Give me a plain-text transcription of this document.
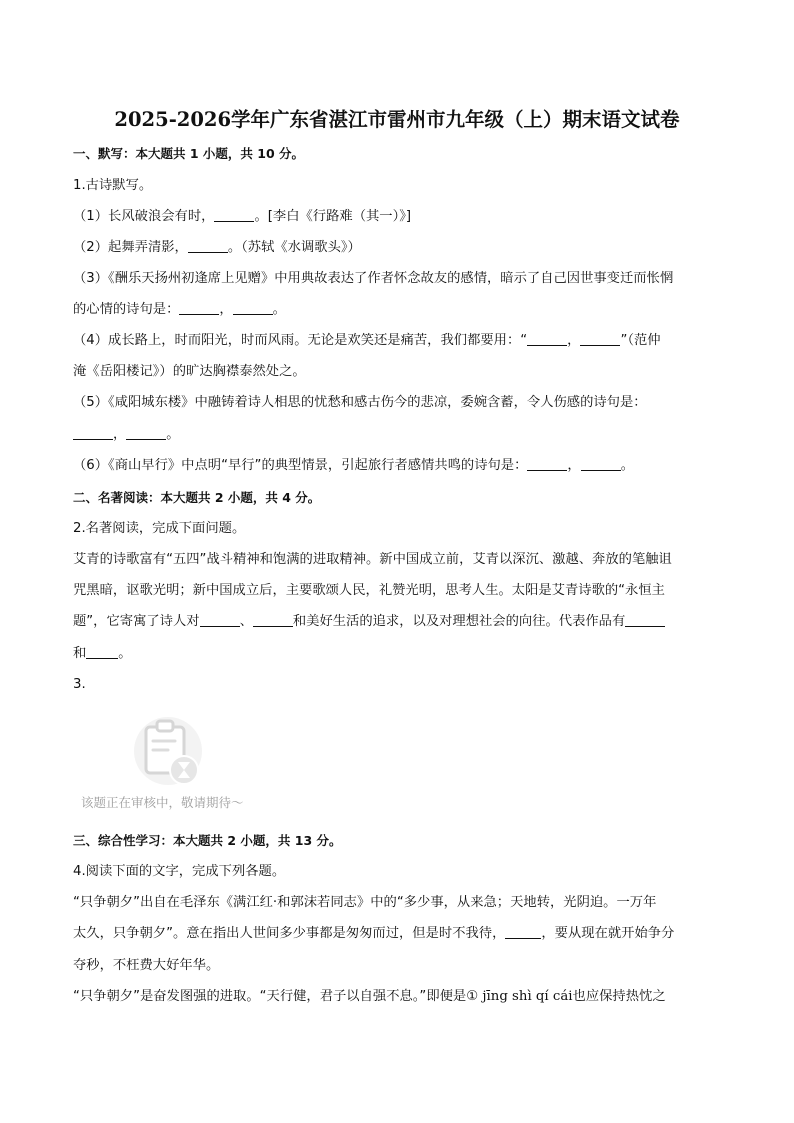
2025-2026学年广东省湛江市雷州市九年级（上）期末语文试卷
一、默写：本大题共 1 小题，共 10 分。
1.古诗默写。
（1）长风破浪会有时，	。[李白《行路难（其一）》]
（2）起舞弄清影，	。（苏轼《水调歌头》）
（3）《酬乐天扬州初逢席上见赠》中用典故表达了作者怀念故友的感情，暗示了自己因世事变迁而怅惘
的心情的诗句是：	，	。
（4）成长路上，时而阳光，时而风雨。无论是欢笑还是痛苦，我们都要用：“	，	”（范仲
淹《岳阳楼记》）的旷达胸襟泰然处之。
（5）《咸阳城东楼》中融铸着诗人相思的忧愁和感古伤今的悲凉，委婉含蓄，令人伤感的诗句是：
，	。
（6）《商山早行》中点明“早行”的典型情景，引起旅行者感情共鸣的诗句是：	，	。
二、名著阅读：本大题共 2 小题，共 4 分。
2.名著阅读，完成下面问题。
艾青的诗歌富有“五四”战斗精神和饱满的进取精神。新中国成立前，艾青以深沉、激越、奔放的笔触诅
咒黑暗，讴歌光明；新中国成立后，主要歌颂人民，礼赞光明，思考人生。太阳是艾青诗歌的“永恒主
题”，它寄寓了诗人对	、	和美好生活的追求，以及对理想社会的向往。代表作品有
和 。
3.
该题正在审核中，敬请期待～
三、综合性学习：本大题共 2 小题，共 13 分。
4.阅读下面的文字，完成下列各题。
“只争朝夕”出自在毛泽东《满江红·和郭沫若同志》中的“多少事，从来急；天地转，光阴迫。一万年
太久，只争朝夕”。意在指出人世间多少事都是匆匆而过，但是时不我待，	，要从现在就开始争分
夺秒，不枉费大好年华。
“只争朝夕”是奋发图强的进取。“天行健，君子以自强不息。”即便是① jīng shì qí cái也应保持热忱之
